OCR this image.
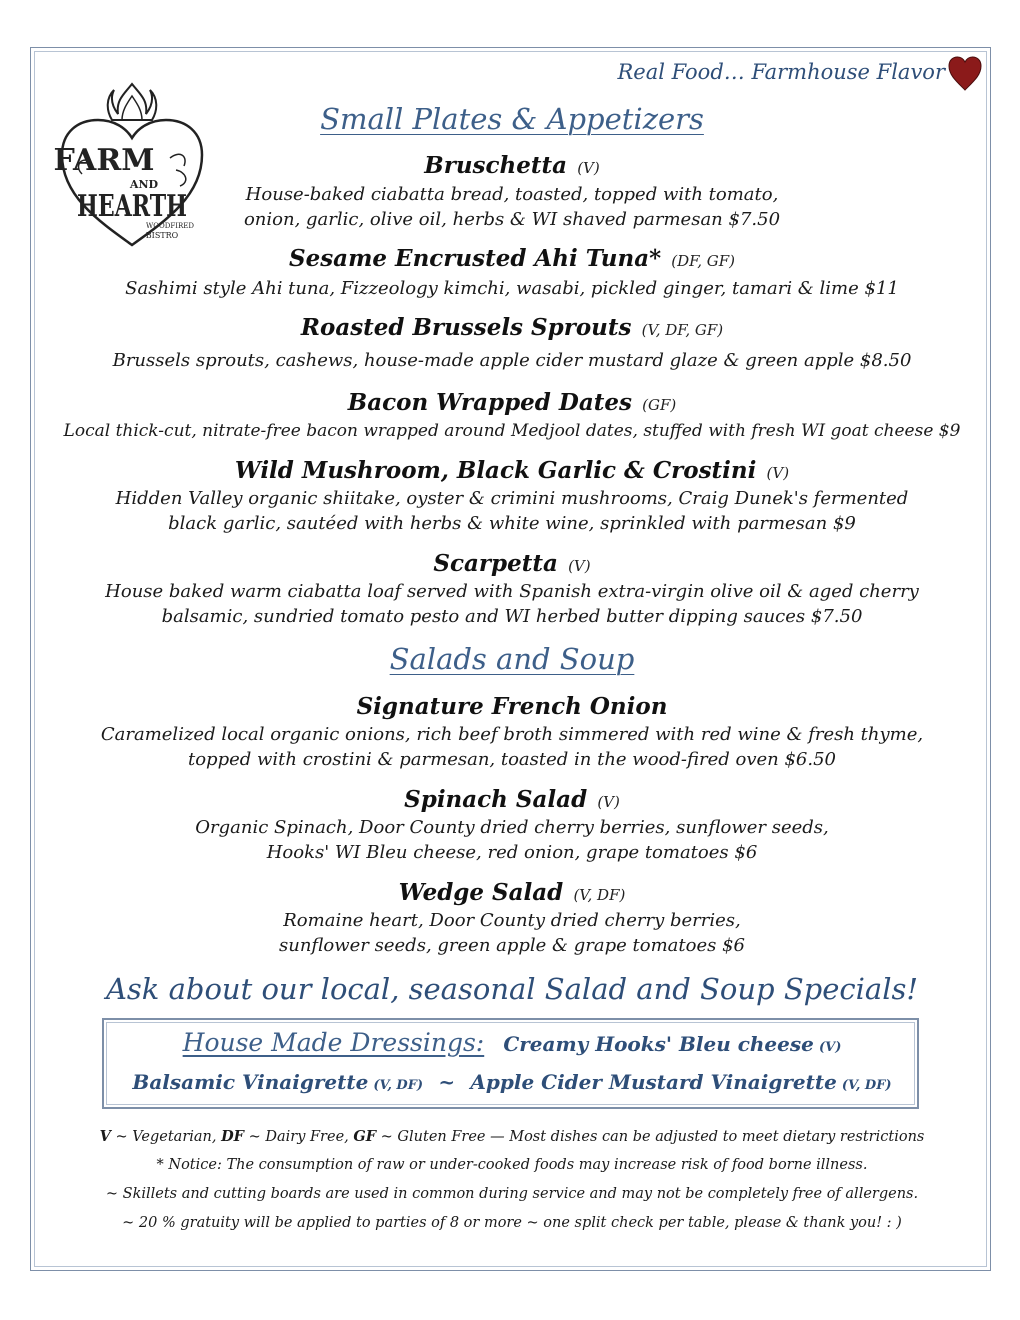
Real Food… Farmhouse Flavor
FARM
AND
HEARTH
WOODFIRED
BISTRO
Small Plates & Appetizers
Bruschetta (V)
House-baked ciabatta bread, toasted, topped with tomato,
onion, garlic, olive oil, herbs & WI shaved parmesan $7.50
Sesame Encrusted Ahi Tuna* (DF, GF)
Sashimi style Ahi tuna, Fizzeology kimchi, wasabi, pickled ginger, tamari & lime $11
Roasted Brussels Sprouts (V, DF, GF)
Brussels sprouts, cashews, house-made apple cider mustard glaze & green apple $8.50
Bacon Wrapped Dates (GF)
Local thick-cut, nitrate-free bacon wrapped around Medjool dates, stuffed with fresh WI goat cheese $9
Wild Mushroom, Black Garlic & Crostini (V)
Hidden Valley organic shiitake, oyster & crimini mushrooms, Craig Dunek's fermented
black garlic, sautéed with herbs & white wine, sprinkled with parmesan $9
Scarpetta (V)
House baked warm ciabatta loaf served with Spanish extra-virgin olive oil & aged cherry
balsamic, sundried tomato pesto and WI herbed butter dipping sauces $7.50
Salads and Soup
Signature French Onion
Caramelized local organic onions, rich beef broth simmered with red wine & fresh thyme,
topped with crostini & parmesan, toasted in the wood-fired oven $6.50
Spinach Salad (V)
Organic Spinach, Door County dried cherry berries, sunflower seeds,
Hooks' WI Bleu cheese, red onion, grape tomatoes $6
Wedge Salad (V, DF)
Romaine heart, Door County dried cherry berries,
sunflower seeds, green apple & grape tomatoes $6
Ask about our local, seasonal Salad and Soup Specials!
House Made Dressings: Creamy Hooks' Bleu cheese (V)
Balsamic Vinaigrette (V, DF) ~ Apple Cider Mustard Vinaigrette (V, DF)
V ~ Vegetarian, DF ~ Dairy Free, GF ~ Gluten Free — Most dishes can be adjusted to meet dietary restrictions
* Notice: The consumption of raw or under-cooked foods may increase risk of food borne illness.
~ Skillets and cutting boards are used in common during service and may not be completely free of allergens.
~ 20 % gratuity will be applied to parties of 8 or more ~ one split check per table, please & thank you! : )
